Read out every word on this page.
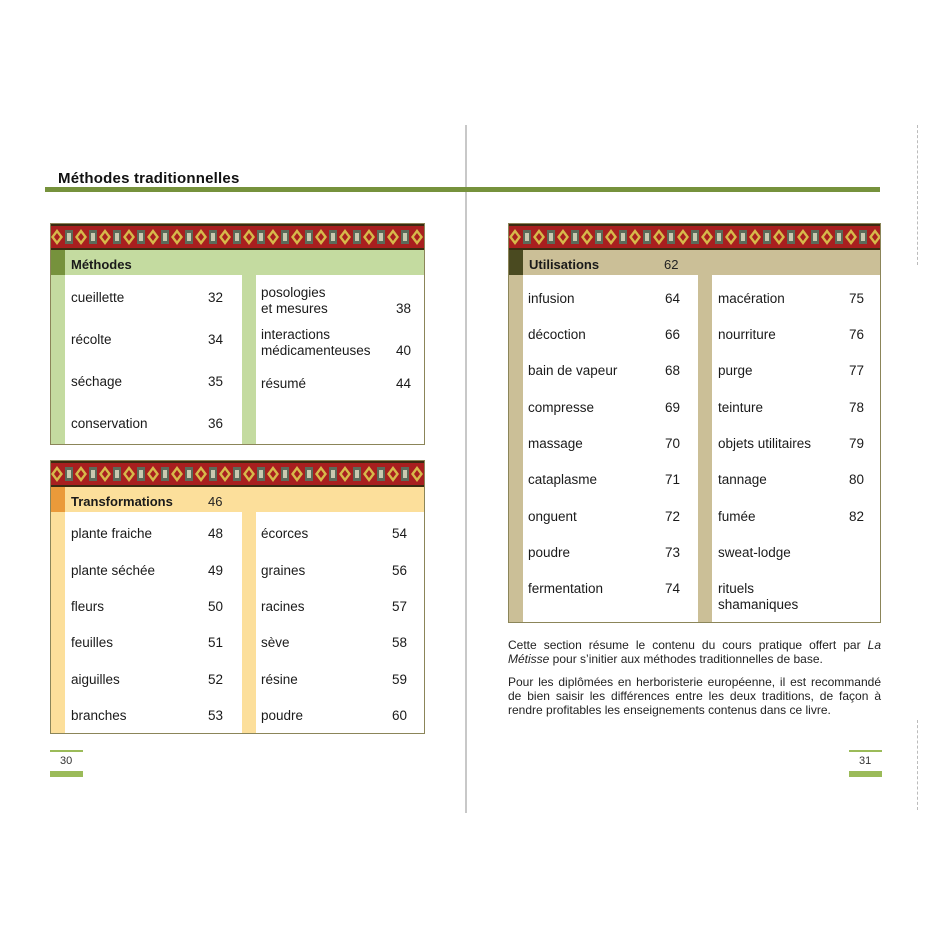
Méthodes traditionnelles
Méthodes
cueillette	32
récolte	34
séchage	35
conservation	36
posologies
et mesures	38
interactions
médicamenteuses	40
résumé	44
Transformations	46
plante fraiche	48
plante séchée	49
fleurs	50
feuilles	51
aiguilles	52
branches	53
écorces	54
graines	56
racines	57
sève	58
résine	59
poudre	60
Utilisations	62
infusion	64
décoction	66
bain de vapeur	68
compresse	69
massage	70
cataplasme	71
onguent	72
poudre	73
fermentation	74
macération	75
nourriture	76
purge	77
teinture	78
objets utilitaires	79
tannage	80
fumée	82
sweat-lodge
rituels
shamaniques

Cette section résume le contenu du cours pratique offert par La Métisse pour s’initier aux méthodes traditionnelles de base.

Pour les diplômées en herboristerie européenne, il est recommandé de bien saisir les différences entre les deux traditions, de façon à rendre profitables les enseignements contenus dans ce livre.

30	31
